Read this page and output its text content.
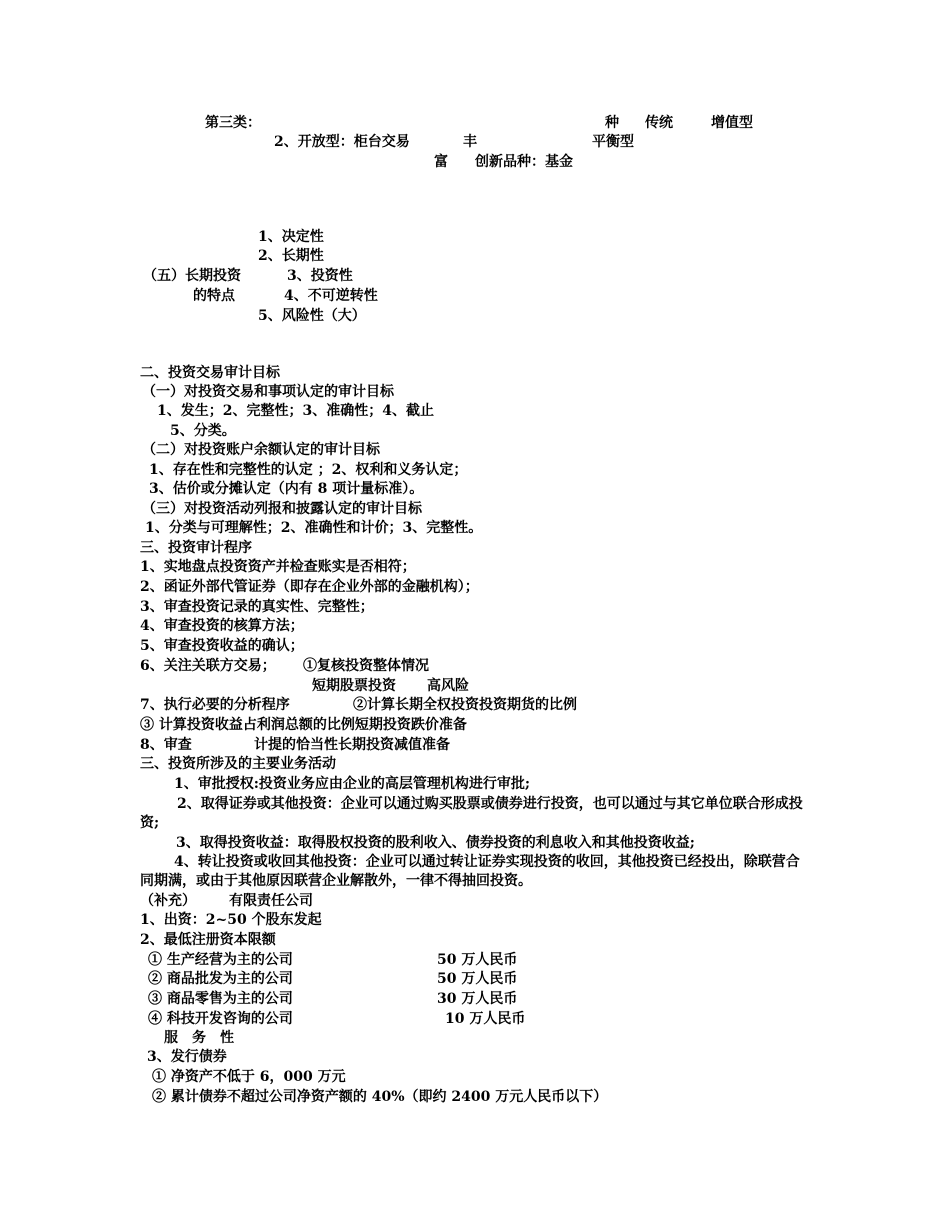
第三类：	种 传统	增值型
2、开放型：柜台交易	丰	平衡型
富 创新品种：基金
1、决定性
2、长期性
（五）长期投资	3、投资性
的特点	4、不可逆转性
5、风险性（大）
二、投资交易审计目标
（一）对投资交易和事项认定的审计目标
1、发生；2、完整性；3、准确性；4、截止
5、分类。
（二）对投资账户余额认定的审计目标
1、存在性和完整性的认定 ；2、权利和义务认定；
3、估价或分摊认定（内有 8 项计量标准）。
（三）对投资活动列报和披露认定的审计目标
1、分类与可理解性；2、准确性和计价；3、完整性。
三、投资审计程序
1、实地盘点投资资产并检查账实是否相符；
2、函证外部代管证券（即存在企业外部的金融机构）；
3、审查投资记录的真实性、完整性；
4、审查投资的核算方法；
5、审查投资收益的确认；
6、关注关联方交易； ①复核投资整体情况
短期股票投资 高风险
7、执行必要的分析程序	②计算长期全权投资投资期货的比例
③ 计算投资收益占利润总额的比例短期投资跌价准备
8、审查	计提的恰当性长期投资减值准备
三、投资所涉及的主要业务活动
1、审批授权:投资业务应由企业的高层管理机构进行审批;
2、取得证券或其他投资：企业可以通过购买股票或债券进行投资，也可以通过与其它单位联合形成投资;
3、取得投资收益：取得股权投资的股利收入、债券投资的利息收入和其他投资收益;
4、转让投资或收回其他投资：企业可以通过转让证券实现投资的收回，其他投资已经投出，除联营合同期满，或由于其他原因联营企业解散外，一律不得抽回投资。
（补充） 有限责任公司
1、出资：2~50 个股东发起
2、最低注册资本限额
① 生产经营为主的公司	50 万人民币
② 商品批发为主的公司	50 万人民币
③ 商品零售为主的公司	30 万人民币
④ 科技开发咨询的公司	10 万人民币
服　务　性
3、发行债券
① 净资产不低于 6，000 万元
② 累计债券不超过公司净资产额的 40%（即约 2400 万元人民币以下）
